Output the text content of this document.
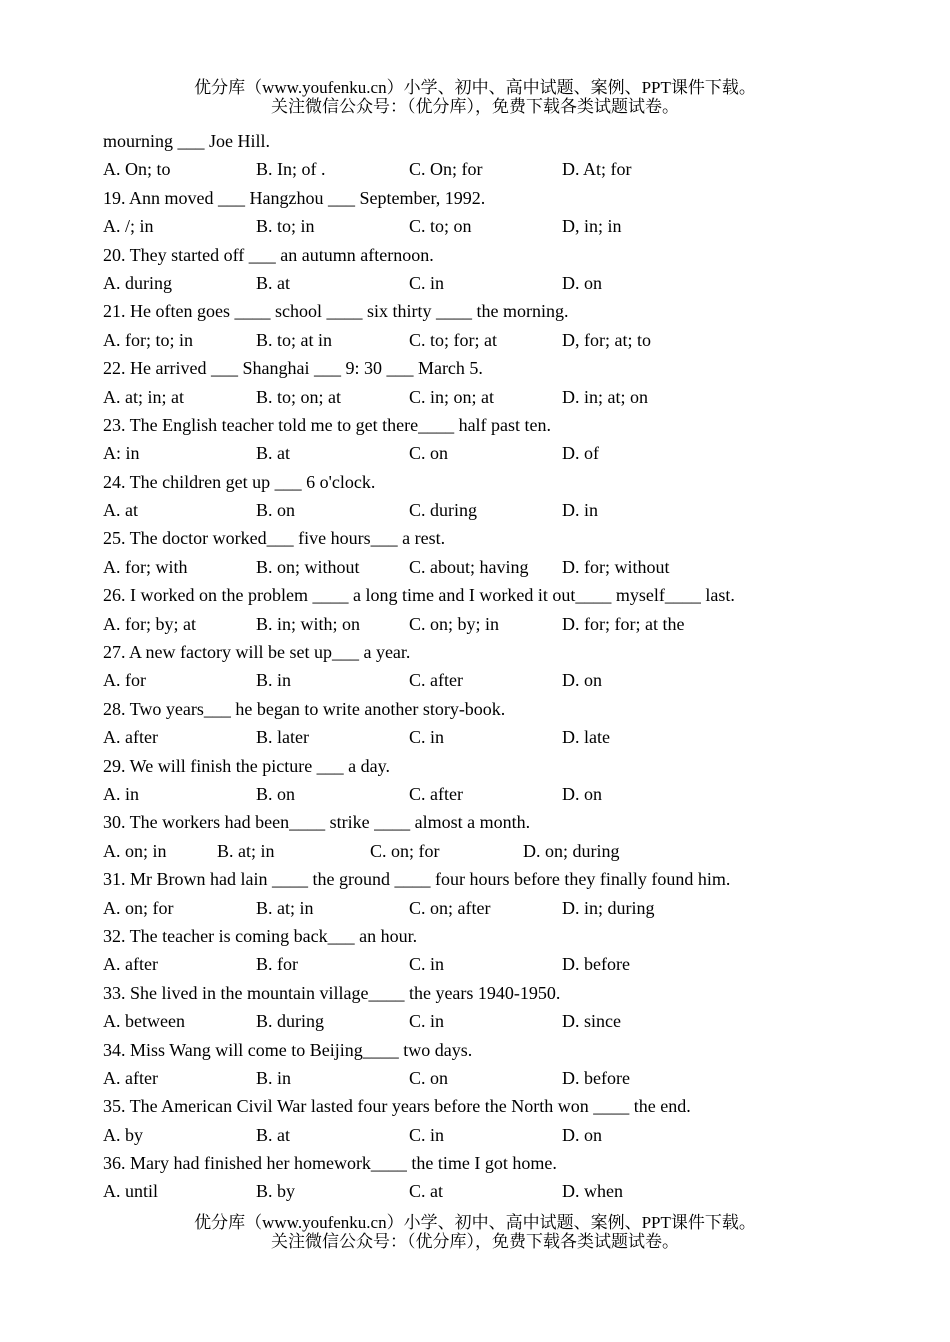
优分库（www.youfenku.cn）小学、初中、高中试题、案例、PPT课件下载。
关注微信公众号：（优分库），免费下载各类试题试卷。
mourning ___ Joe Hill.
A. On; to	B. In; of .	C. On; for	D. At; for
19. Ann moved ___ Hangzhou ___ September, 1992.
A. /; in	B. to; in	C. to; on	D, in; in
20. They started off ___ an autumn afternoon.
A. during	B. at	C. in	D. on
21. He often goes ____ school ____ six thirty ____ the morning.
A. for; to; in	B. to; at in	C. to; for; at	D, for; at; to
22. He arrived ___ Shanghai ___ 9: 30 ___ March 5.
A. at; in; at	B. to; on; at	C. in; on; at	D. in; at; on
23. The English teacher told me to get there____ half past ten.
A: in	B. at	C. on	D. of
24. The children get up ___ 6 o'clock.
A. at	B. on	C. during	D. in
25. The doctor worked___ five hours___ a rest.
A. for; with	B. on; without	C. about; having D. for; without
26. I worked on the problem ____ a long time and I worked it out____ myself____ last.
A. for; by; at	B. in; with; on	C. on; by; in	D. for; for; at the
27. A new factory will be set up___ a year.
A. for	B. in	C. after	D. on
28. Two years___ he began to write another story-book.
A. after	B. later	C. in	D. late
29. We will finish the picture ___ a day.
A. in	B. on	C. after	D. on
30. The workers had been____ strike ____ almost a month.
A. on; in	B. at; in	C. on; for	D. on; during
31. Mr Brown had lain ____ the ground ____ four hours before they finally found him.
A. on; for	B. at; in	C. on; after	D. in; during
32. The teacher is coming back___ an hour.
A. after	B. for	C. in	D. before
33. She lived in the mountain village____ the years 1940-1950.
A. between	B. during	C. in	D. since
34. Miss Wang will come to Beijing____ two days.
A. after	B. in	C. on	D. before
35. The American Civil War lasted four years before the North won ____ the end.
A. by	B. at	C. in	D. on
36. Mary had finished her homework____ the time I got home.
A. until	B. by	C. at	D. when
优分库（www.youfenku.cn）小学、初中、高中试题、案例、PPT课件下载。
关注微信公众号：（优分库），免费下载各类试题试卷。
